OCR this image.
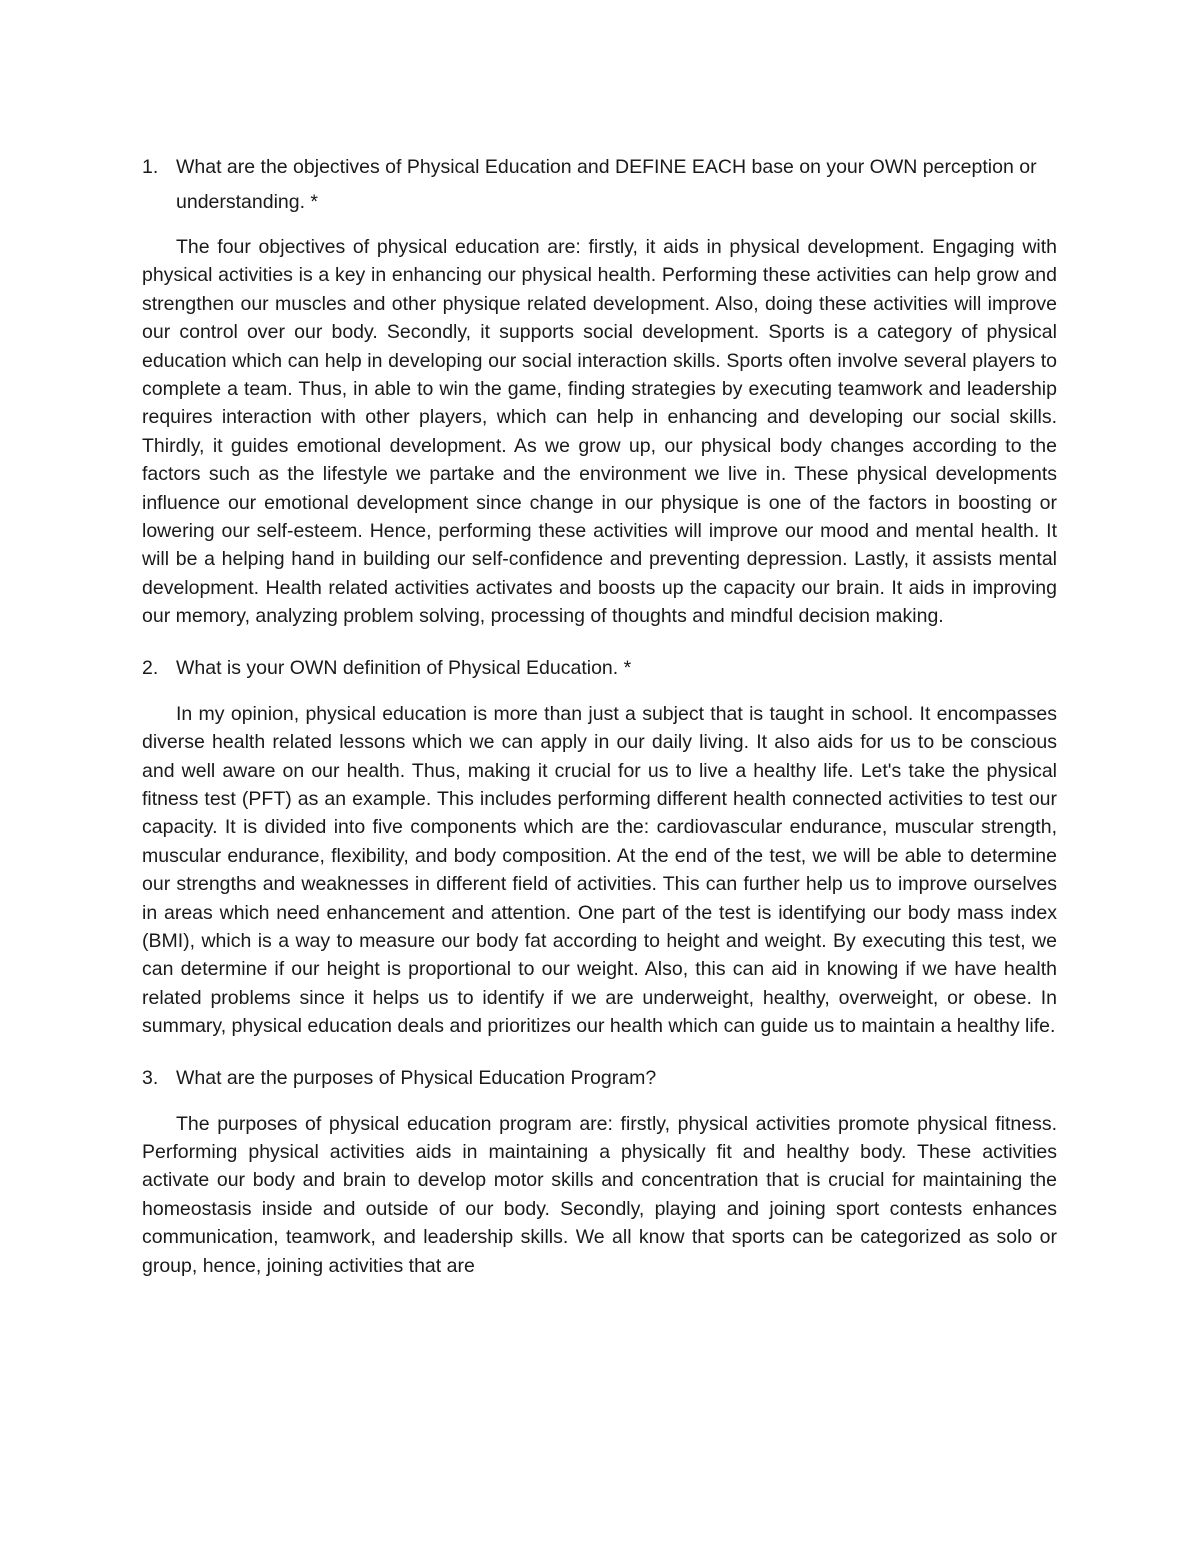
1. What are the objectives of Physical Education and DEFINE EACH base on your OWN perception or understanding. *

The four objectives of physical education are: firstly, it aids in physical development. Engaging with physical activities is a key in enhancing our physical health. Performing these activities can help grow and strengthen our muscles and other physique related development. Also, doing these activities will improve our control over our body. Secondly, it supports social development. Sports is a category of physical education which can help in developing our social interaction skills. Sports often involve several players to complete a team. Thus, in able to win the game, finding strategies by executing teamwork and leadership requires interaction with other players, which can help in enhancing and developing our social skills. Thirdly, it guides emotional development. As we grow up, our physical body changes according to the factors such as the lifestyle we partake and the environment we live in. These physical developments influence our emotional development since change in our physique is one of the factors in boosting or lowering our self-esteem. Hence, performing these activities will improve our mood and mental health. It will be a helping hand in building our self-confidence and preventing depression. Lastly, it assists mental development. Health related activities activates and boosts up the capacity our brain. It aids in improving our memory, analyzing problem solving, processing of thoughts and mindful decision making.

2. What is your OWN definition of Physical Education. *

In my opinion, physical education is more than just a subject that is taught in school. It encompasses diverse health related lessons which we can apply in our daily living. It also aids for us to be conscious and well aware on our health. Thus, making it crucial for us to live a healthy life. Let's take the physical fitness test (PFT) as an example. This includes performing different health connected activities to test our capacity. It is divided into five components which are the: cardiovascular endurance, muscular strength, muscular endurance, flexibility, and body composition. At the end of the test, we will be able to determine our strengths and weaknesses in different field of activities. This can further help us to improve ourselves in areas which need enhancement and attention. One part of the test is identifying our body mass index (BMI), which is a way to measure our body fat according to height and weight. By executing this test, we can determine if our height is proportional to our weight. Also, this can aid in knowing if we have health related problems since it helps us to identify if we are underweight, healthy, overweight, or obese. In summary, physical education deals and prioritizes our health which can guide us to maintain a healthy life.

3. What are the purposes of Physical Education Program?

The purposes of physical education program are: firstly, physical activities promote physical fitness. Performing physical activities aids in maintaining a physically fit and healthy body. These activities activate our body and brain to develop motor skills and concentration that is crucial for maintaining the homeostasis inside and outside of our body. Secondly, playing and joining sport contests enhances communication, teamwork, and leadership skills. We all know that sports can be categorized as solo or group, hence, joining activities that are
